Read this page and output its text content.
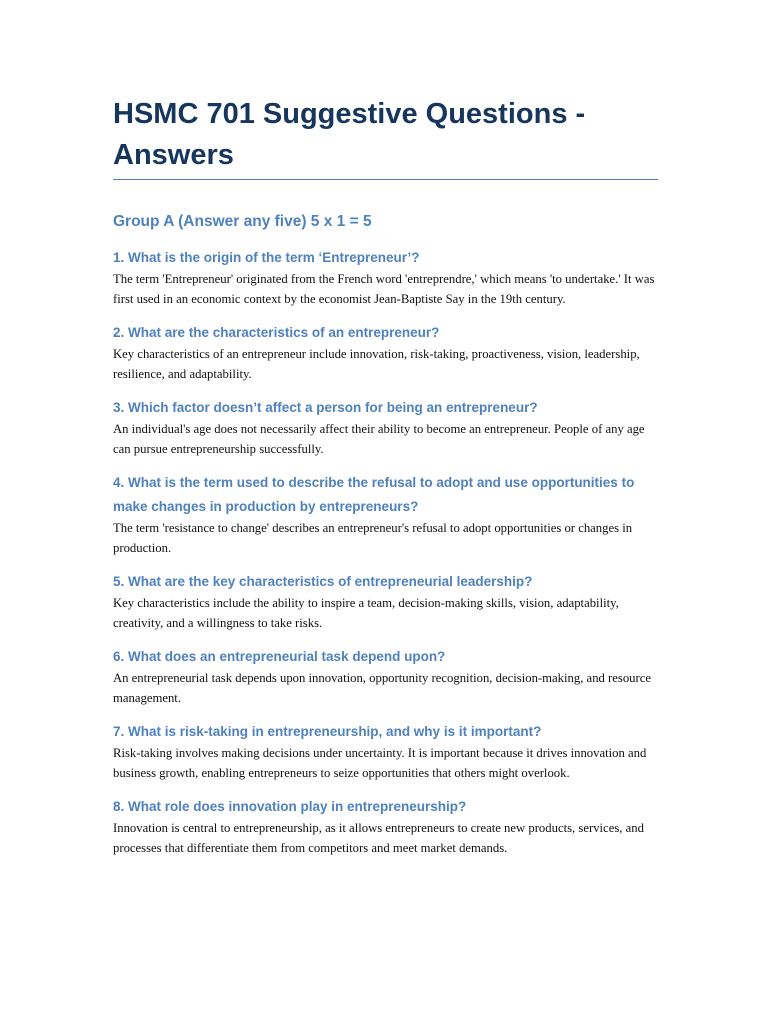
HSMC 701 Suggestive Questions - Answers
Group A (Answer any five) 5 x 1 = 5

1. What is the origin of the term ‘Entrepreneur’?

The term 'Entrepreneur' originated from the French word 'entreprendre,' which means 'to undertake.' It was first used in an economic context by the economist Jean-Baptiste Say in the 19th century.

2. What are the characteristics of an entrepreneur?

Key characteristics of an entrepreneur include innovation, risk-taking, proactiveness, vision, leadership, resilience, and adaptability.

3. Which factor doesn’t affect a person for being an entrepreneur?

An individual's age does not necessarily affect their ability to become an entrepreneur. People of any age can pursue entrepreneurship successfully.

4. What is the term used to describe the refusal to adopt and use opportunities to make changes in production by entrepreneurs?

The term 'resistance to change' describes an entrepreneur's refusal to adopt opportunities or changes in production.

5. What are the key characteristics of entrepreneurial leadership?

Key characteristics include the ability to inspire a team, decision-making skills, vision, adaptability, creativity, and a willingness to take risks.

6. What does an entrepreneurial task depend upon?

An entrepreneurial task depends upon innovation, opportunity recognition, decision-making, and resource management.

7. What is risk-taking in entrepreneurship, and why is it important?

Risk-taking involves making decisions under uncertainty. It is important because it drives innovation and business growth, enabling entrepreneurs to seize opportunities that others might overlook.

8. What role does innovation play in entrepreneurship?

Innovation is central to entrepreneurship, as it allows entrepreneurs to create new products, services, and processes that differentiate them from competitors and meet market demands.
